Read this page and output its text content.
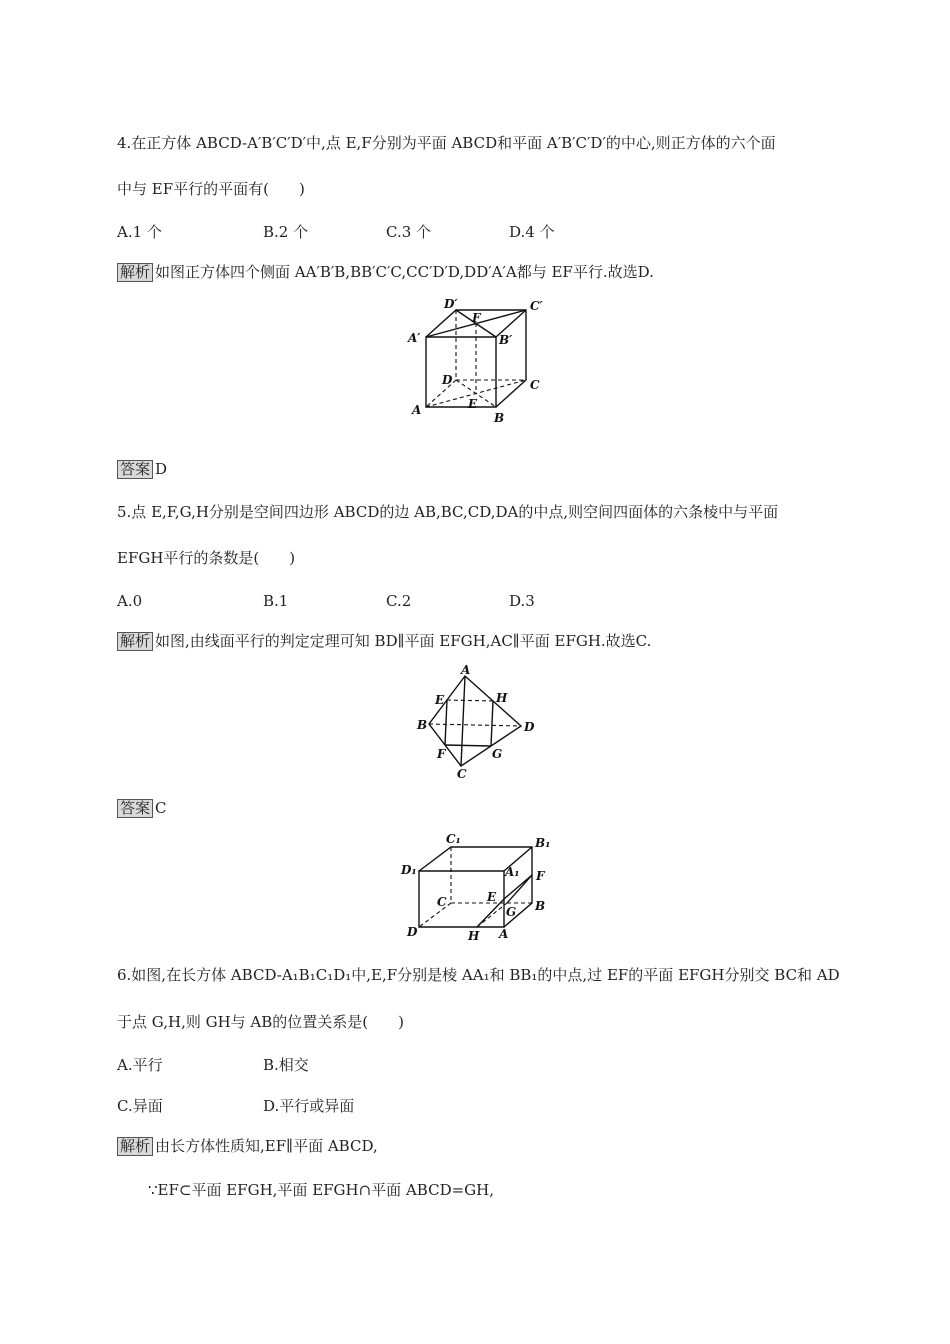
4.在正方体 ABCD-A′B′C′D′中,点 E,F分别为平面 ABCD和平面 A′B′C′D′的中心,则正方体的六个面
中与 EF平行的平面有(　　)
A.1 个	B.2 个	C.3 个	D.4 个
解析 如图正方体四个侧面 AA′B′B,BB′C′C,CC′D′D,DD′A′A都与 EF平行.故选D.
D′
F
C′
A′	B′
D	C
A	E
B
答案 D
5.点 E,F,G,H分别是空间四边形 ABCD的边 AB,BC,CD,DA的中点,则空间四面体的六条棱中与平面
EFGH平行的条数是(　　)
A.0	B.1	C.2	D.3
解析 如图,由线面平行的判定定理可知 BD∥平面 EFGH,AC∥平面 EFGH.故选C.
A
E	H
B	D
F	G
C
答案 C
C₁	B₁
D₁	A₁ F
E
C
G B
D	H A
6.如图,在长方体 ABCD-A₁B₁C₁D₁中,E,F分别是棱 AA₁和 BB₁的中点,过 EF的平面 EFGH分别交 BC和 AD
于点 G,H,则 GH与 AB的位置关系是(　　)
A.平行	B.相交
C.异面	D.平行或异面
解析 由长方体性质知,EF∥平面 ABCD,
∵EF⊂平面 EFGH,平面 EFGH∩平面 ABCD=GH,
